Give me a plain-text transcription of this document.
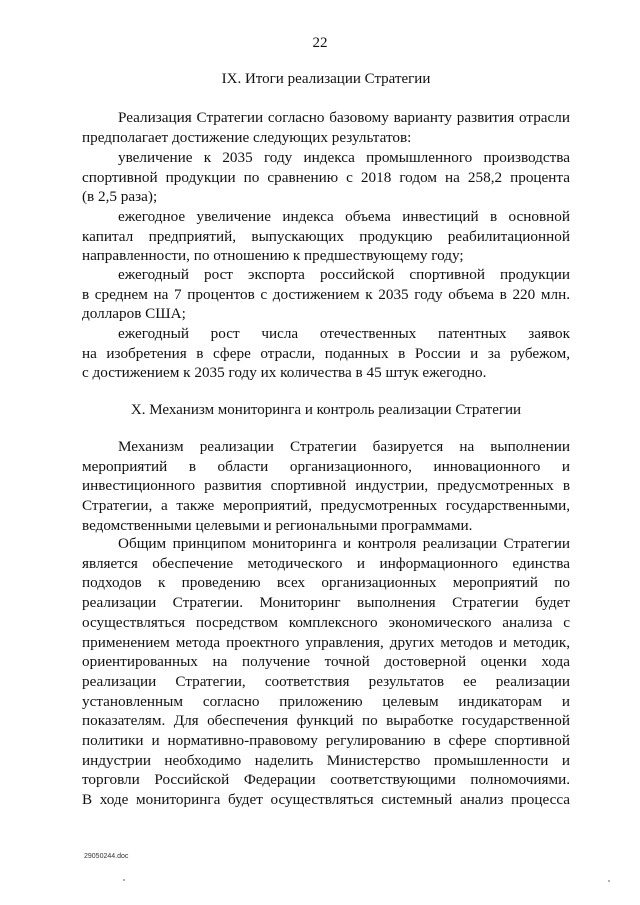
22
IX. Итоги реализации Стратегии
Реализация Стратегии согласно базовому варианту развития отрасли
предполагает достижение следующих результатов:
увеличение к 2035 году индекса промышленного производства
спортивной продукции по сравнению с 2018 годом на 258,2 процента
(в 2,5 раза);
ежегодное увеличение индекса объема инвестиций в основной
капитал предприятий, выпускающих продукцию реабилитационной
направленности, по отношению к предшествующему году;
ежегодный рост экспорта российской спортивной продукции
в среднем на 7 процентов с достижением к 2035 году объема в 220 млн.
долларов США;
ежегодный рост числа отечественных патентных заявок
на изобретения в сфере отрасли, поданных в России и за рубежом,
с достижением к 2035 году их количества в 45 штук ежегодно.
X. Механизм мониторинга и контроль реализации Стратегии
Механизм реализации Стратегии базируется на выполнении
мероприятий в области организационного, инновационного и
инвестиционного развития спортивной индустрии, предусмотренных в
Стратегии, а также мероприятий, предусмотренных государственными,
ведомственными целевыми и региональными программами.
Общим принципом мониторинга и контроля реализации Стратегии
является обеспечение методического и информационного единства
подходов к проведению всех организационных мероприятий по
реализации Стратегии. Мониторинг выполнения Стратегии будет
осуществляться посредством комплексного экономического анализа с
применением метода проектного управления, других методов и методик,
ориентированных на получение точной достоверной оценки хода
реализации Стратегии, соответствия результатов ее реализации
установленным согласно приложению целевым индикаторам и
показателям. Для обеспечения функций по выработке государственной
политики и нормативно-правовому регулированию в сфере спортивной
индустрии необходимо наделить Министерство промышленности и
торговли Российской Федерации соответствующими полномочиями.
В ходе мониторинга будет осуществляться системный анализ процесса
29050244.doc
